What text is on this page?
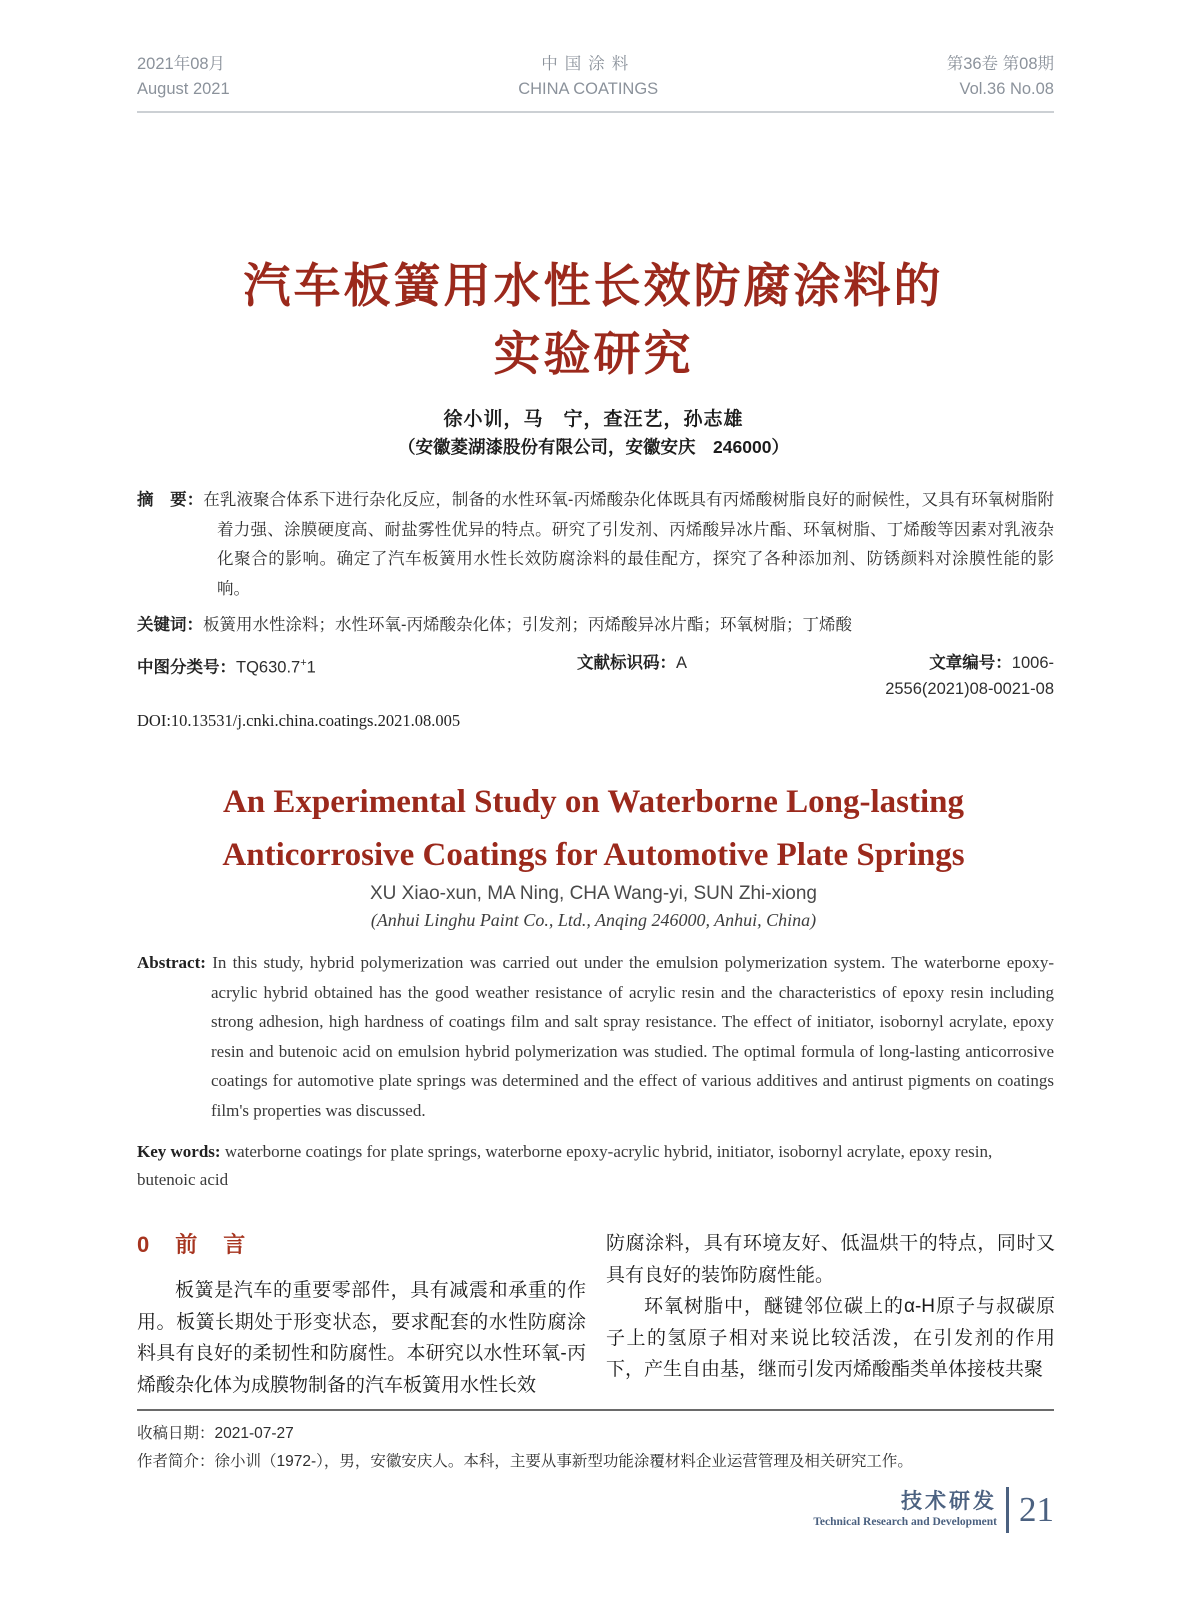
2021年08月
August 2021
中国涂料
CHINA COATINGS
第36卷 第08期
Vol.36 No.08
汽车板簧用水性长效防腐涂料的
实验研究
徐小训，马　宁，查汪艺，孙志雄
（安徽菱湖漆股份有限公司，安徽安庆　246000）
摘　要：在乳液聚合体系下进行杂化反应，制备的水性环氧-丙烯酸杂化体既具有丙烯酸树脂良好的耐候性，又具有环氧树脂附着力强、涂膜硬度高、耐盐雾性优异的特点。研究了引发剂、丙烯酸异冰片酯、环氧树脂、丁烯酸等因素对乳液杂化聚合的影响。确定了汽车板簧用水性长效防腐涂料的最佳配方，探究了各种添加剂、防锈颜料对涂膜性能的影响。
关键词：板簧用水性涂料；水性环氧-丙烯酸杂化体；引发剂；丙烯酸异冰片酯；环氧树脂；丁烯酸
中图分类号：TQ630.7+1	文献标识码：A	文章编号：1006-2556(2021)08-0021-08
DOI:10.13531/j.cnki.china.coatings.2021.08.005
An Experimental Study on Waterborne Long-lasting
Anticorrosive Coatings for Automotive Plate Springs
XU Xiao-xun, MA Ning, CHA Wang-yi, SUN Zhi-xiong
(Anhui Linghu Paint Co., Ltd., Anqing 246000, Anhui, China)
Abstract: In this study, hybrid polymerization was carried out under the emulsion polymerization system. The waterborne epoxy-acrylic hybrid obtained has the good weather resistance of acrylic resin and the characteristics of epoxy resin including strong adhesion, high hardness of coatings film and salt spray resistance. The effect of initiator, isobornyl acrylate, epoxy resin and butenoic acid on emulsion hybrid polymerization was studied. The optimal formula of long-lasting anticorrosive coatings for automotive plate springs was determined and the effect of various additives and antirust pigments on coatings film's properties was discussed.
Key words: waterborne coatings for plate springs, waterborne epoxy-acrylic hybrid, initiator, isobornyl acrylate, epoxy resin, butenoic acid
0 前　言

板簧是汽车的重要零部件，具有减震和承重的作用。板簧长期处于形变状态，要求配套的水性防腐涂料具有良好的柔韧性和防腐性。本研究以水性环氧-丙烯酸杂化体为成膜物制备的汽车板簧用水性长效

防腐涂料，具有环境友好、低温烘干的特点，同时又具有良好的装饰防腐性能。

环氧树脂中，醚键邻位碳上的α-H原子与叔碳原子上的氢原子相对来说比较活泼，在引发剂的作用下，产生自由基，继而引发丙烯酸酯类单体接枝共聚

收稿日期：2021-07-27
作者简介：徐小训（1972-），男，安徽安庆人。本科，主要从事新型功能涂覆材料企业运营管理及相关研究工作。
技术研发
Technical Research and Development 21
